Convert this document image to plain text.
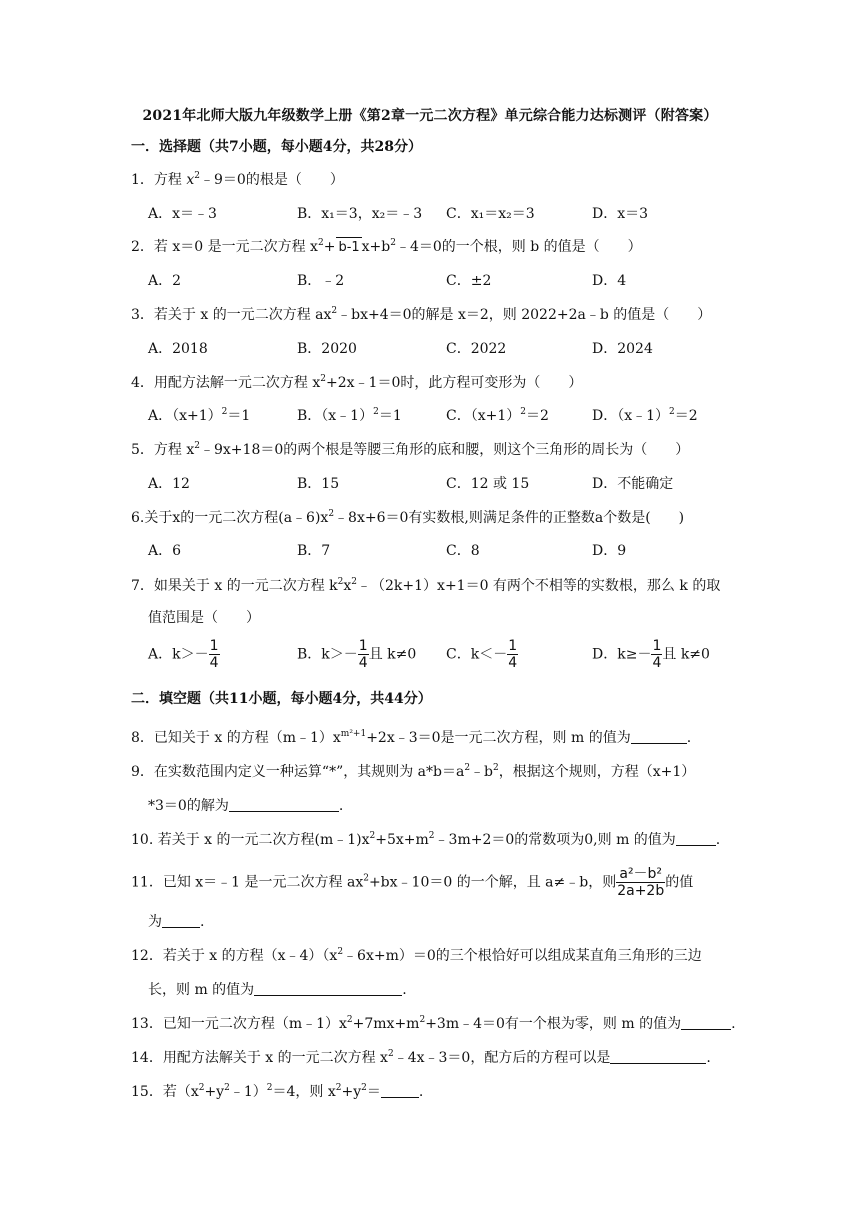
2021年北师大版九年级数学上册《第2章一元二次方程》单元综合能力达标测评（附答案）
一．选择题（共7小题，每小题4分，共28分）
1．方程 $x^2﹣9=0$的根是（　　）
A．x＝﹣3	B．x₁＝3，x₂＝﹣3 C．x₁＝x₂＝3	D．x＝3
2．若 x＝0 是一元二次方程 $x^2+ b-1$ $x+b^2﹣4=0$的一个根，则 b 的值是（　　）
A．2	B．﹣2	C．±2	D．4
3．若关于 x 的一元二次方程 $ax^2﹣bx+4=0$的解是 x＝2，则 2022+2a﹣b 的值是（　　）
A．2018	B．2020	C．2022	D．2024
4．用配方法解一元二次方程 $x^2+2x﹣1=0$时，此方程可变形为（　　）
A．$(x+1)^2=1$	B．（x﹣1）$^2$＝1	C．$(x+1)^2=2$	D．（x﹣1）$^2$＝2
5．方程 $x^2﹣9x+18=0$的两个根是等腰三角形的底和腰，则这个三角形的周长为（　　）
A．12	B．15	C．12 或 15	D．不能确定
6.关于x的一元二次方程$(a﹣6)x^2﹣8x+6=0$有实数根,则满足条件的正整数a个数是(　　)
A．6	B．7	C．8	D．9
7．如果关于 x 的一元二次方程 $k^2x^2﹣(2k+1)x+1=0$ 有两个不相等的实数根，那么 k 的取
值范围是（　　）
A．$k>- \frac{1}{4}$	B．$k>- \frac{1}{4}$ 且 k≠0 C．$k<- \frac{1}{4}$	D．$k\ge- \frac{1}{4}$ 且 k≠0
二．填空题（共11小题，每小题4分，共44分）
8．已知关于 x 的方程$(m﹣1)x^{m^2+1}+2x﹣3=0$是一元二次方程，则 m 的值为	.
9．在实数范围内定义一种运算“*”，其规则为 $a*b=a^2﹣b^2$，根据这个规则，方程（x+1）
*3＝0的解为	.
10. 若关于 x 的一元二次方程$(m﹣1)x^2+5x+m^2﹣3m+2=0$的常数项为0,则 m 的值为	.
11．已知 x＝﹣1 是一元二次方程 $ax^2+bx﹣10=0$ 的一个解，且 a≠﹣b，则 $\frac{\text{a²－b²}}{2a+2b}$ 的值
为	.
12．若关于 x 的方程$(x﹣4)(x^2﹣6x+m)=0$的三个根恰好可以组成某直角三角形的三边
长，则 m 的值为	.
13．已知一元二次方程$(m﹣1)x^2+7mx+m^2+3m﹣4=0$有一个根为零，则 m 的值为	.
14．用配方法解关于 x 的一元二次方程 $x^2﹣4x﹣3=0$，配方后的方程可以是	.
15．若$(x^2+y^2﹣1)^2=4$，则 $x^2+y^2=$	.
